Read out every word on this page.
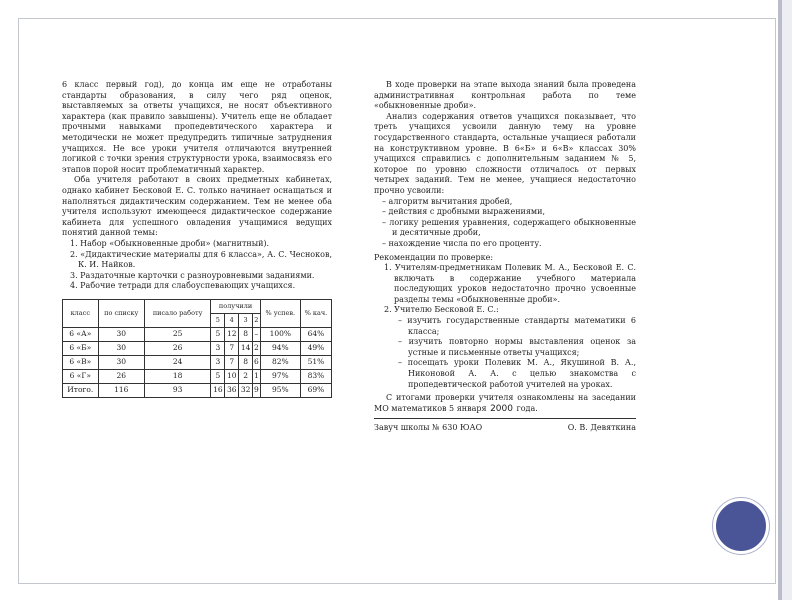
6 класс первый год), до конца им еще не отработаны стандарты образования, в силу чего ряд оценок, выставляемых за ответы учащихся, не носят объективного характера (как правило завышены). Учитель еще не обладает прочными навыками пропедевтического характера и методически не может предупредить типичные затруднения учащихся. Не все уроки учителя отличаются внутренней логикой с точки зрения структурности урока, взаимосвязь его этапов порой носит проблематичный характер.

Оба учителя работают в своих предметных кабинетах, однако кабинет Бесковой Е. С. только начинает оснащаться и наполняться дидактическим содержанием. Тем не менее оба учителя используют имеющееся дидактическое содержание кабинета для успешного овладения учащимися ведущих понятий данной темы:

1. Набор «Обыкновенные дроби» (магнитный).

2. «Дидактические материалы для 6 класса», А. С. Чесноков, К. И. Найков.

3. Раздаточные карточки с разноуровневыми заданиями.

4. Рабочие тетради для слабоуспевающих учащихся.

класс	по списку	писало работу	получили				% успев.	% кач.
			5	4	3	2		
6 «А»	30	25	5	12	8	–	100%	64%
6 «Б»	30	26	3	7	14	2	94%	49%
6 «В»	30	24	3	7	8	6	82%	51%
6 «Г»	26	18	5	10	2	1	97%	83%
Итого.	116	93	16	36	32	9	95%	69%

В ходе проверки на этапе выхода знаний была проведена административная контрольная работа по теме «обыкновенные дроби».

Анализ содержания ответов учащихся показывает, что треть учащихся усвоили данную тему на уровне государственного стандарта, остальные учащиеся работали на конструктивном уровне. В 6«Б» и 6«В» классах 30% учащихся справились с дополнительным заданием № 5, которое по уровню сложности отличалось от первых четырех заданий. Тем не менее, учащиеся недостаточно прочно усвоили:

– алгоритм вычитания дробей,

– действия с дробными выражениями,

– логику решения уравнения, содержащего обыкновенные и десятичные дроби,

– нахождение числа по его проценту.

Рекомендации по проверке:

1. Учителям-предметникам Полевик М. А., Бесковой Е. С. включать в содержание учебного материала последующих уроков недостаточно прочно усвоенные разделы темы «Обыкновенные дроби».

2. Учителю Бесковой Е. С.:

– изучить государственные стандарты математики 6 класса;

– изучить повторно нормы выставления оценок за устные и письменные ответы учащихся;

– посещать уроки Полевик М. А., Якушиной В. А., Никоновой А. А. с целью знакомства с пропедевтической работой учителей на уроках.

С итогами проверки учителя ознакомлены на заседании МО математиков 5 января 2000 года.

Завуч школы № 630 ЮАО	О. В. Девяткина
